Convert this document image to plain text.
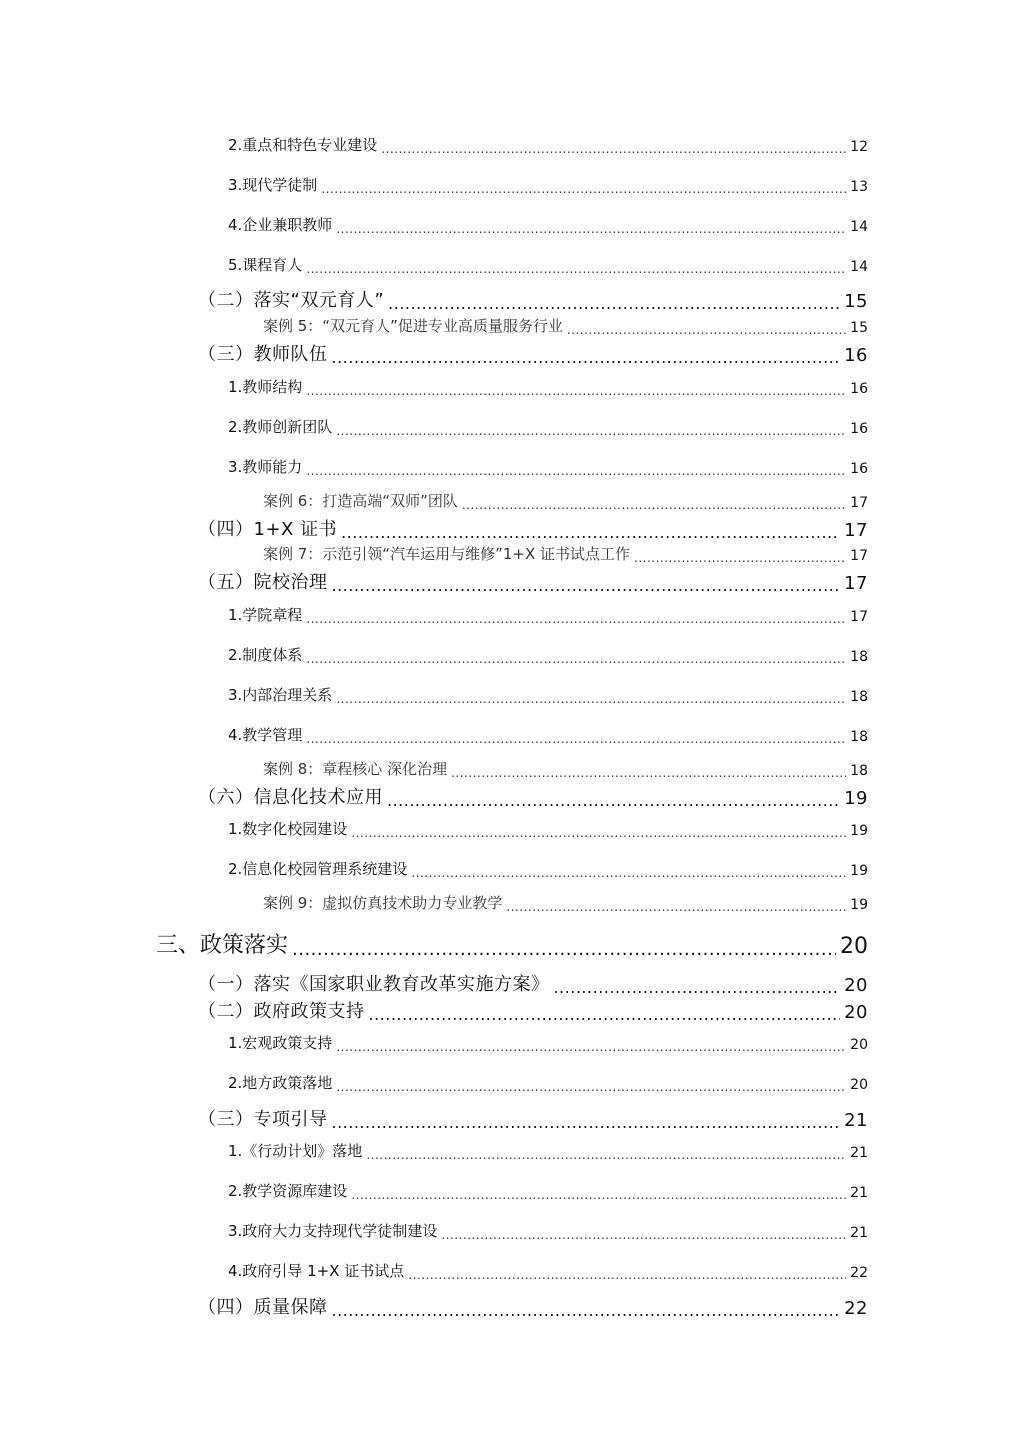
2.重点和特色专业建设 .....	12
3.现代学徒制 .....	13
4.企业兼职教师 .....	14
5.课程育人 .....	14
（二）落实“双元育人” .....	15
案例 5：“双元育人”促进专业高质量服务行业 .....	15
（三）教师队伍 .....	16
1.教师结构 .....	16
2.教师创新团队 .....	16
3.教师能力 .....	16
案例 6：打造高端“双师”团队 .....	17
（四）1+X 证书 .....	17
案例 7：示范引领“汽车运用与维修”1+X 证书试点工作 .....	17
（五）院校治理 .....	17
1.学院章程 .....	17
2.制度体系 .....	18
3.内部治理关系 .....	18
4.教学管理 .....	18
案例 8：章程核心 深化治理 .....	18
（六）信息化技术应用 .....	19
1.数字化校园建设 .....	19
2.信息化校园管理系统建设 .....	19
案例 9：虚拟仿真技术助力专业教学 .....	19
三、政策落实 .....	20
（一）落实《国家职业教育改革实施方案》 .....	20
（二）政府政策支持 .....	20
1.宏观政策支持 .....	20
2.地方政策落地 .....	20
（三）专项引导 .....	21
1.《行动计划》落地 .....	21
2.教学资源库建设 .....	21
3.政府大力支持现代学徒制建设 .....	21
4.政府引导 1+X 证书试点 .....	22
（四）质量保障 .....	22
